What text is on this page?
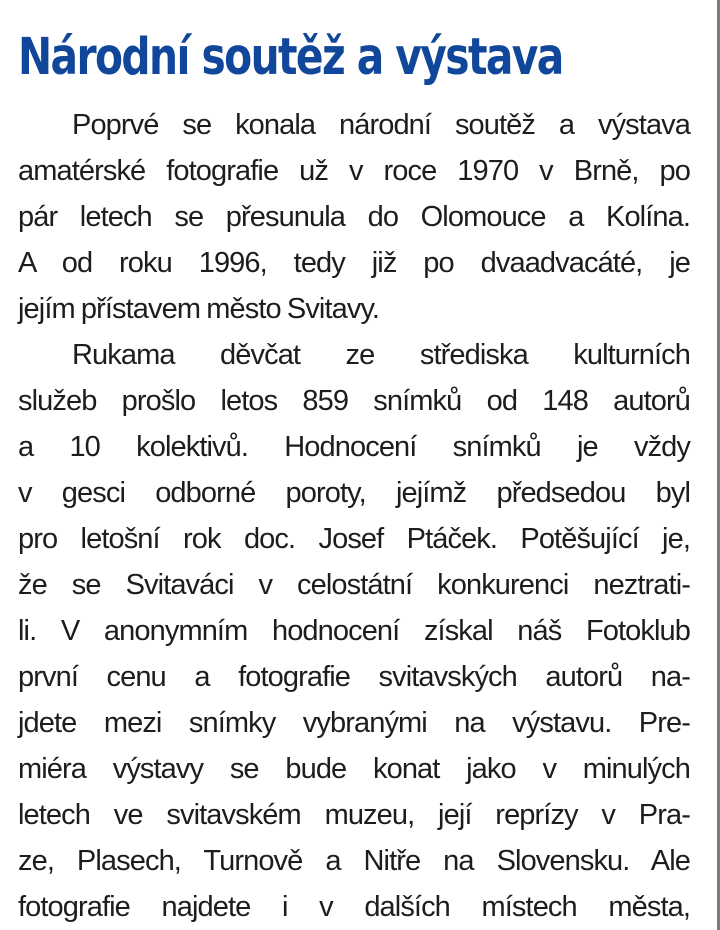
Národní soutěž a výstava
Poprvé se konala národní soutěž a výstava
amatérské fotografie už v roce 1970 v Brně, po
pár letech se přesunula do Olomouce a Kolína.
A od roku 1996, tedy již po dvaadvacáté, je
jejím přístavem město Svitavy.
Rukama děvčat ze střediska kulturních
služeb prošlo letos 859 snímků od 148 autorů
a 10 kolektivů. Hodnocení snímků je vždy
v gesci odborné poroty, jejímž předsedou byl
pro letošní rok doc. Josef Ptáček. Potěšující je,
že se Svitaváci v celostátní konkurenci neztrati-
li. V anonymním hodnocení získal náš Fotoklub
první cenu a fotografie svitavských autorů na-
jdete mezi snímky vybranými na výstavu. Pre-
miéra výstavy se bude konat jako v minulých
letech ve svitavském muzeu, její reprízy v Pra-
ze, Plasech, Turnově a Nitře na Slovensku. Ale
fotografie najdete i v dalších místech města,
